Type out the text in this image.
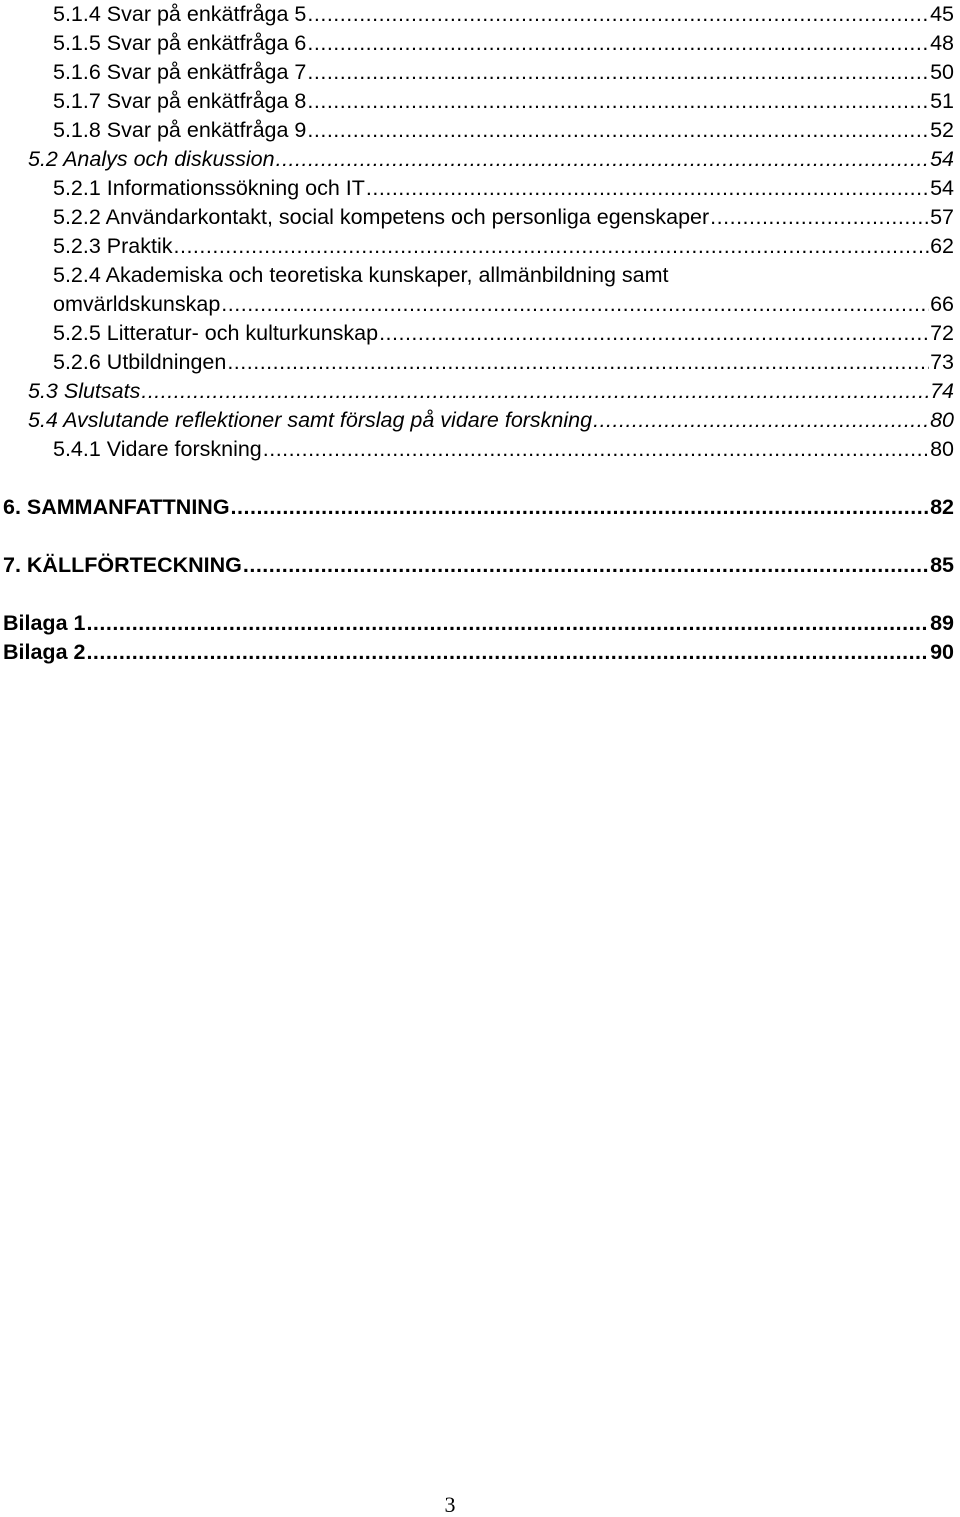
5.1.4 Svar på enkätfråga 5 .....	45
5.1.5 Svar på enkätfråga 6 .....	48
5.1.6 Svar på enkätfråga 7 .....	50
5.1.7 Svar på enkätfråga 8 .....	51
5.1.8 Svar på enkätfråga 9 .....	52
5.2 Analys och diskussion .....	54
5.2.1 Informationssökning och IT .....	54
5.2.2 Användarkontakt, social kompetens och personliga egenskaper .....	57
5.2.3 Praktik .....	62
5.2.4 Akademiska och teoretiska kunskaper, allmänbildning samt
omvärldskunskap .....	66
5.2.5 Litteratur- och kulturkunskap .....	72
5.2.6 Utbildningen .....	73
5.3 Slutsats .....	74
5.4 Avslutande reflektioner samt förslag på vidare forskning .....	80
5.4.1 Vidare forskning .....	80
6. SAMMANFATTNING .....	82
7. KÄLLFÖRTECKNING .....	85
Bilaga 1 .....	89
Bilaga 2 .....	90
3
